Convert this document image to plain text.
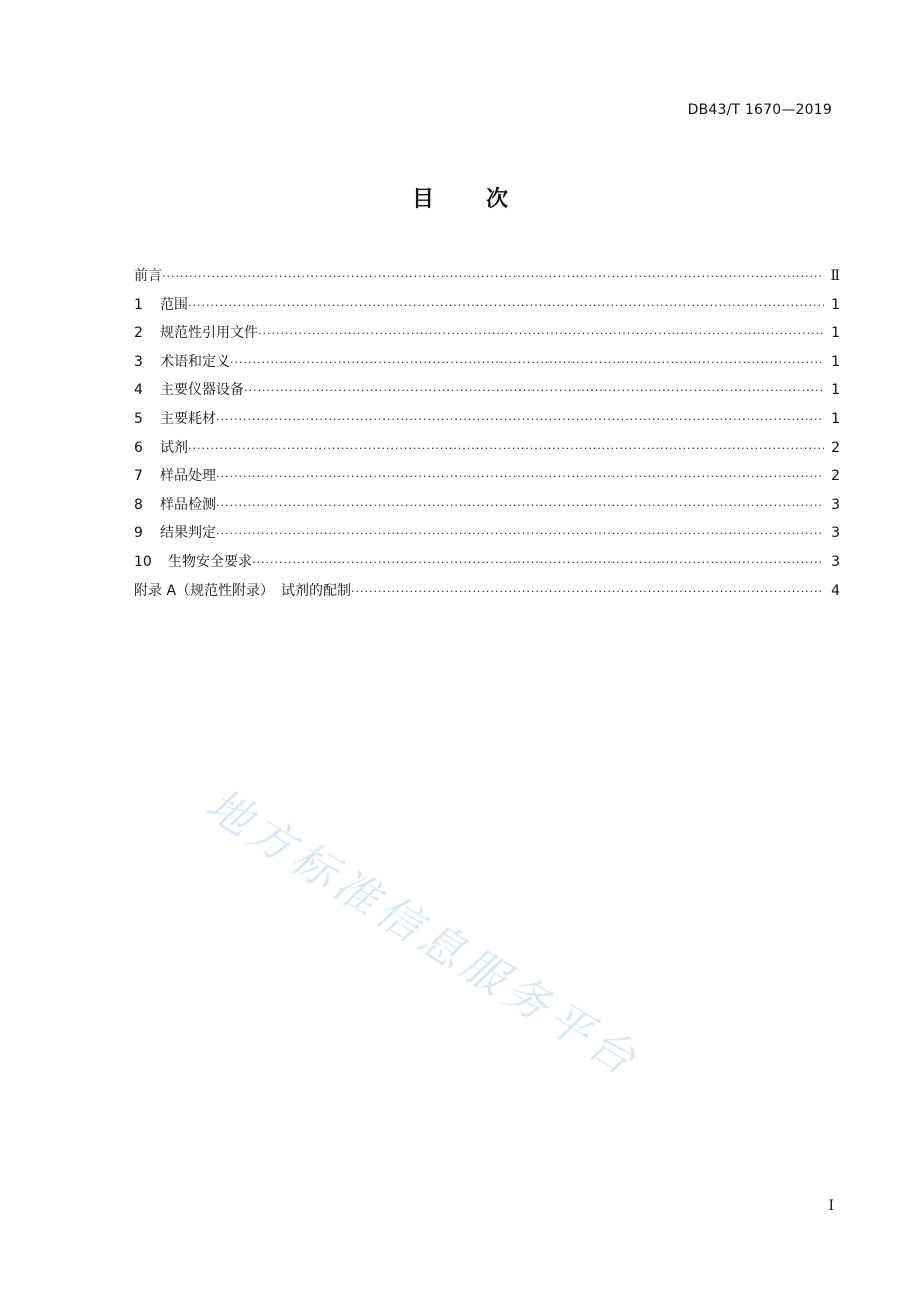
DB43/T 1670—2019
目 次
前言 ·····	Ⅱ
1	范围 ·····	1
2	规范性引用文件 ·····	1
3	术语和定义 ·····	1
4	主要仪器设备 ·····	1
5	主要耗材 ·····	1
6	试剂 ·····	2
7	样品处理 ·····	2
8	样品检测 ·····	3
9	结果判定 ·····	3
10	生物安全要求 ·····	3
附录 A（规范性附录）　试剂的配制 ·····	4
地方标准信息服务平台
I
